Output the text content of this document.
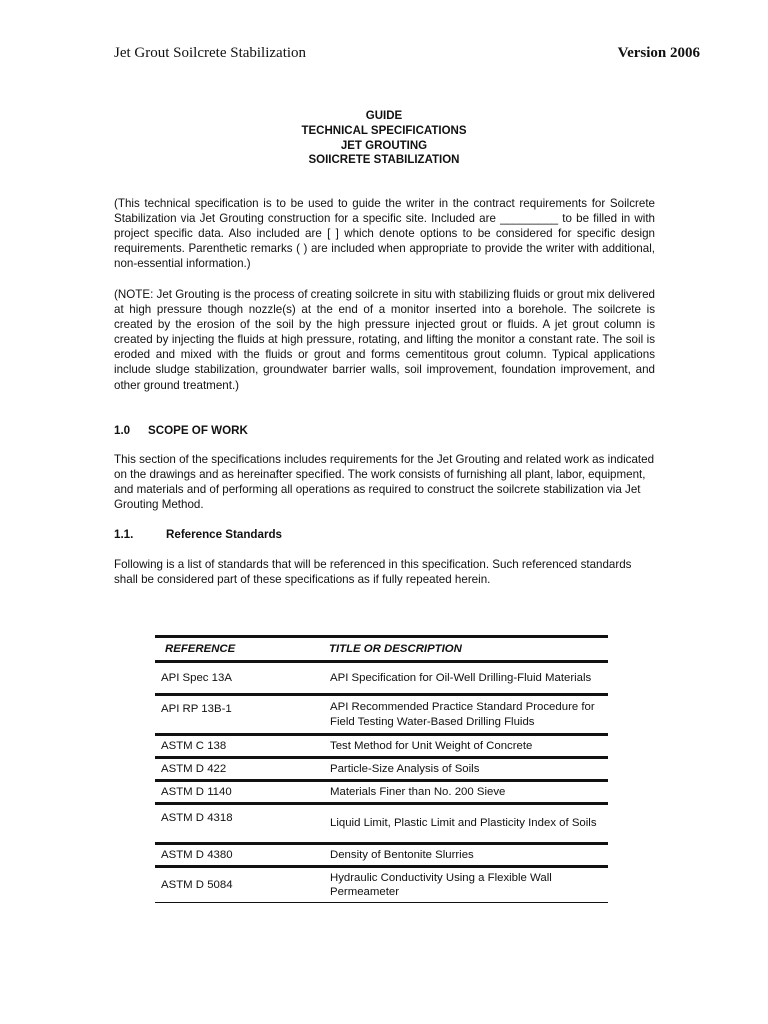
Jet Grout Soilcrete Stabilization	Version 2006
GUIDE
TECHNICAL SPECIFICATIONS
JET GROUTING
SOIICRETE STABILIZATION
(This technical specification is to be used to guide the writer in the contract requirements for Soilcrete Stabilization via Jet Grouting construction for a specific site. Included are _________ to be filled in with project specific data. Also included are [ ] which denote options to be considered for specific design requirements. Parenthetic remarks ( ) are included when appropriate to provide the writer with additional, non-essential information.)
(NOTE: Jet Grouting is the process of creating soilcrete in situ with stabilizing fluids or grout mix delivered at high pressure though nozzle(s) at the end of a monitor inserted into a borehole. The soilcrete is created by the erosion of the soil by the high pressure injected grout or fluids. A jet grout column is created by injecting the fluids at high pressure, rotating, and lifting the monitor a constant rate. The soil is eroded and mixed with the fluids or grout and forms cementitous grout column. Typical applications include sludge stabilization, groundwater barrier walls, soil improvement, foundation improvement, and other ground treatment.)
1.0 SCOPE OF WORK
This section of the specifications includes requirements for the Jet Grouting and related work as indicated on the drawings and as hereinafter specified. The work consists of furnishing all plant, labor, equipment, and materials and of performing all operations as required to construct the soilcrete stabilization via Jet Grouting Method.
1.1.	Reference Standards
Following is a list of standards that will be referenced in this specification. Such referenced standards shall be considered part of these specifications as if fully repeated herein.
REFERENCE	TITLE OR DESCRIPTION
API Spec 13A	API Specification for Oil-Well Drilling-Fluid Materials
API RP 13B-1	API Recommended Practice Standard Procedure for Field Testing Water-Based Drilling Fluids
ASTM C 138	Test Method for Unit Weight of Concrete
ASTM D 422	Particle-Size Analysis of Soils
ASTM D 1140	Materials Finer than No. 200 Sieve
ASTM D 4318	Liquid Limit, Plastic Limit and Plasticity Index of Soils
ASTM D 4380	Density of Bentonite Slurries
ASTM D 5084	Hydraulic Conductivity Using a Flexible Wall Permeameter
